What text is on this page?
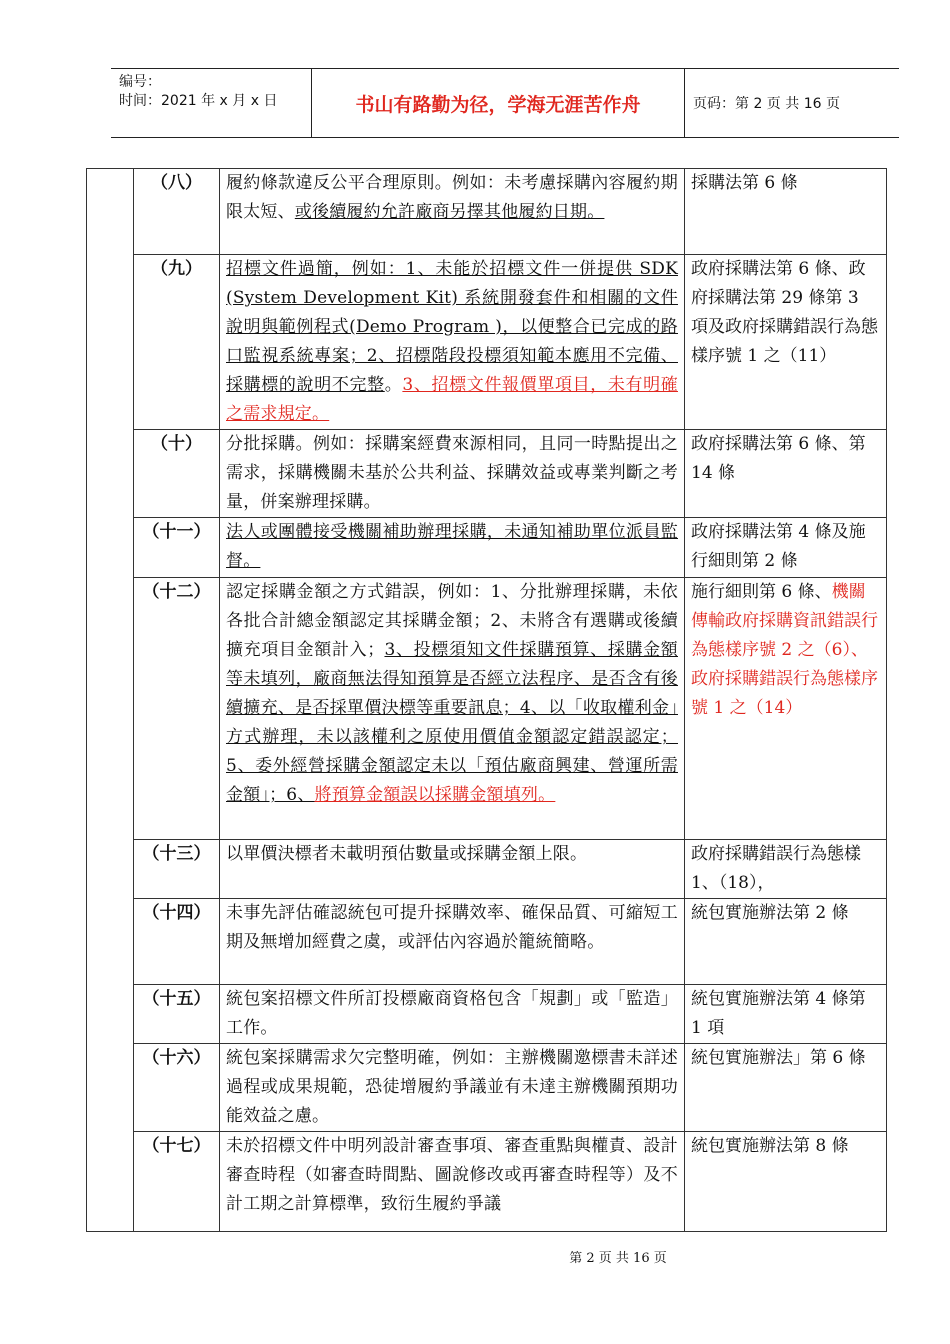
编号：
时间：2021 年 x 月 x 日	书山有路勤为径，学海无涯苦作舟	页码：第 2 页 共 16 页
	（八）	履約條款違反公平合理原則。例如：未考慮採購內容履約期限太短、或後續履約允許廠商另擇其他履約日期。	採購法第 6 條
	（九）	招標文件過簡，例如：1、未能於招標文件一併提供 SDK (System Development Kit) 系統開發套件和相關的文件說明與範例程式(Demo Program )，以便整合已完成的路口監視系統專案；2、招標階段投標須知範本應用不完備、採購標的說明不完整。3、招標文件報價單項目，未有明確之需求規定。	政府採購法第 6 條、政府採購法第 29 條第 3 項及政府採購錯誤行為態樣序號 1 之（11）
	（十）	分批採購。例如：採購案經費來源相同，且同一時點提出之需求，採購機關未基於公共利益、採購效益或專業判斷之考量，併案辦理採購。	政府採購法第 6 條、第 14 條
	（十一）	法人或團體接受機關補助辦理採購，未通知補助單位派員監督。	政府採購法第 4 條及施行細則第 2 條
	（十二）	認定採購金額之方式錯誤，例如：1、分批辦理採購，未依各批合計總金額認定其採購金額；2、未將含有選購或後續擴充項目金額計入；3、投標須知文件採購預算、採購金額等未填列，廠商無法得知預算是否經立法程序、是否含有後續擴充、是否採單價決標等重要訊息；4、以「收取權利金」方式辦理，未以該權利之原使用價值金額認定錯誤認定；5、委外經營採購金額認定未以「預估廠商興建、營運所需金額」；6、將預算金額誤以採購金額填列。	施行細則第 6 條、機關傳輸政府採購資訊錯誤行為態樣序號 2 之（6）、政府採購錯誤行為態樣序號 1 之（14）
	（十三）	以單價決標者未載明預估數量或採購金額上限。	政府採購錯誤行為態樣 1、（18），
	（十四）	未事先評估確認統包可提升採購效率、確保品質、可縮短工期及無增加經費之虞，或評估內容過於籠統簡略。	統包實施辦法第 2 條
	（十五）	統包案招標文件所訂投標廠商資格包含「規劃」或「監造」工作。	統包實施辦法第 4 條第 1 項
	（十六）	統包案採購需求欠完整明確，例如：主辦機關邀標書未詳述過程或成果規範，恐徒增履約爭議並有未達主辦機關預期功能效益之慮。	統包實施辦法」第 6 條
	（十七）	未於招標文件中明列設計審查事項、審查重點與權責、設計審查時程（如審查時間點、圖說修改或再審查時程等）及不計工期之計算標準，致衍生履約爭議	統包實施辦法第 8 條
第 2 页 共 16 页
